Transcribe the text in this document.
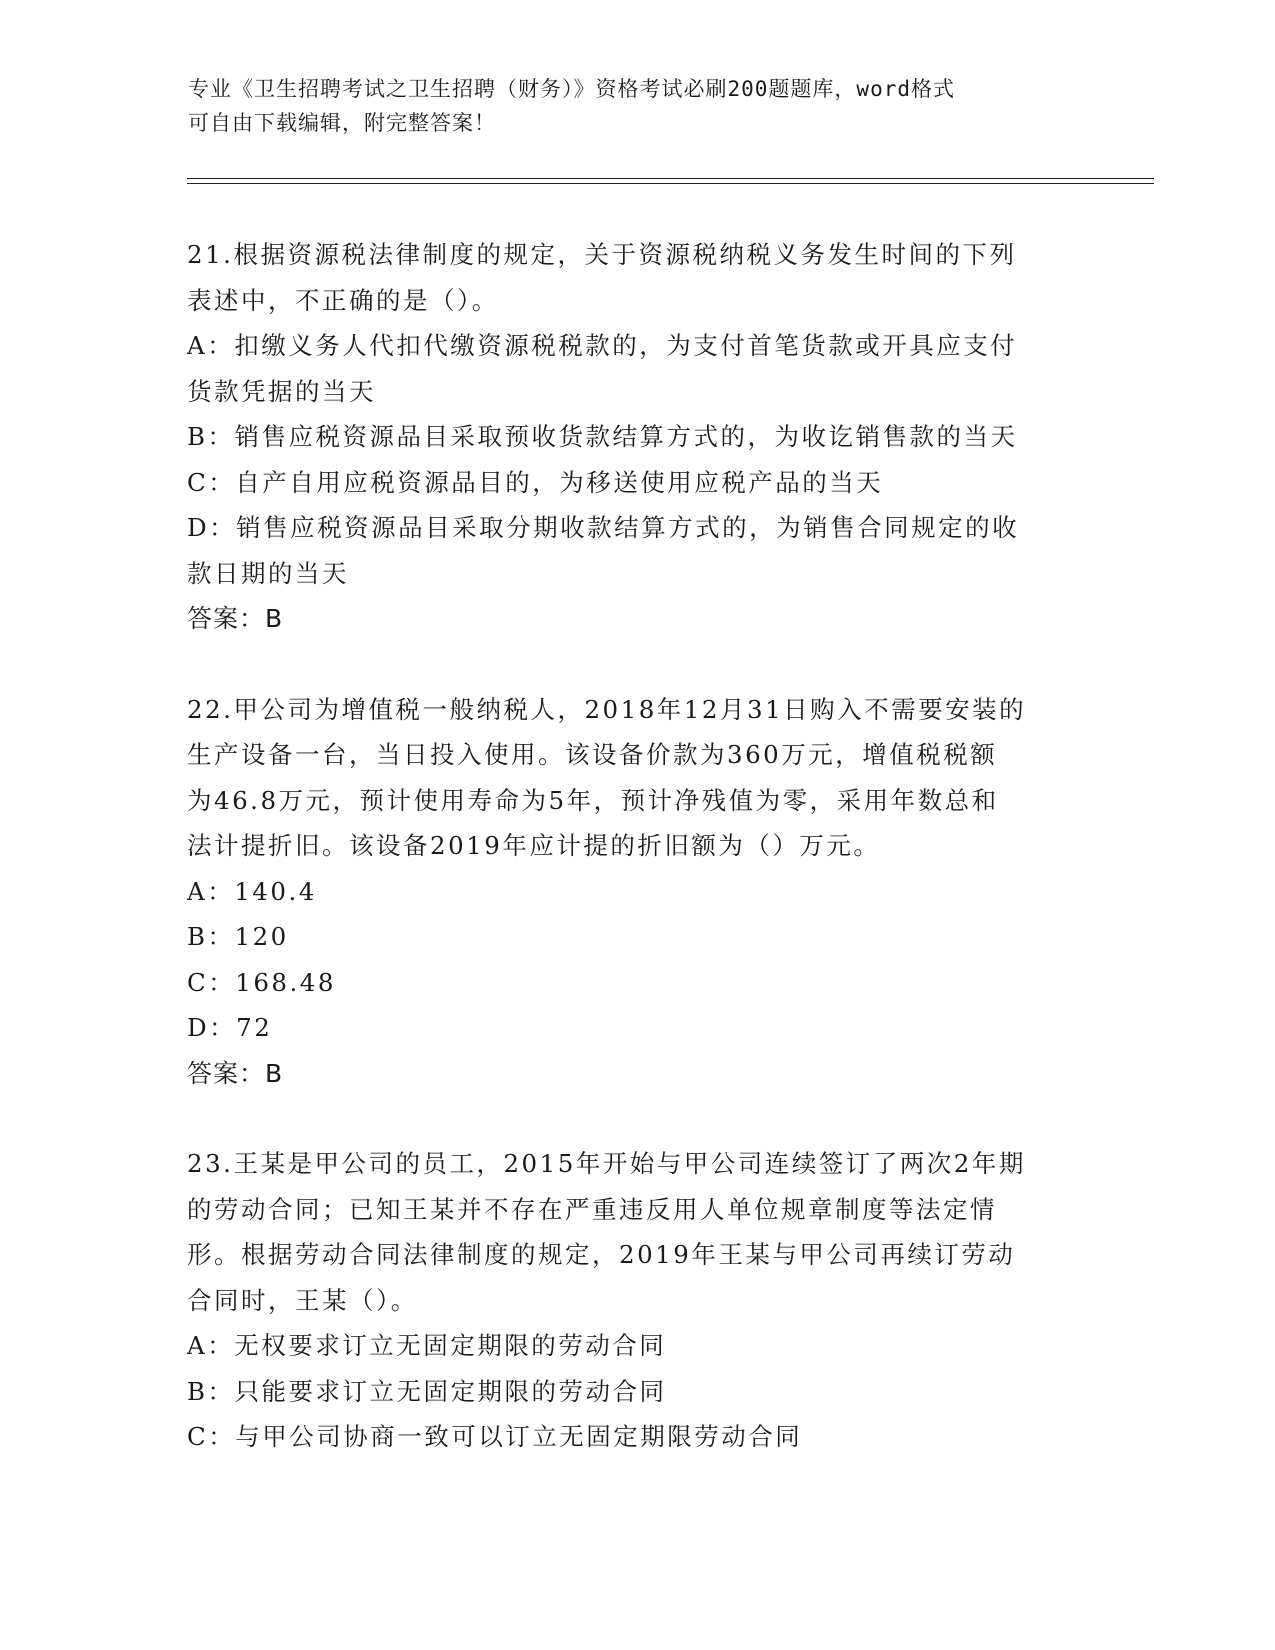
专业《卫生招聘考试之卫生招聘（财务）》资格考试必刷200题题库，word格式
可自由下载编辑，附完整答案！
21.根据资源税法律制度的规定，关于资源税纳税义务发生时间的下列
表述中，不正确的是（）。
A：扣缴义务人代扣代缴资源税税款的，为支付首笔货款或开具应支付
货款凭据的当天
B：销售应税资源品目采取预收货款结算方式的，为收讫销售款的当天
C：自产自用应税资源品目的，为移送使用应税产品的当天
D：销售应税资源品目采取分期收款结算方式的，为销售合同规定的收
款日期的当天
答案：B
22.甲公司为增值税一般纳税人，2018年12月31日购入不需要安装的
生产设备一台，当日投入使用。该设备价款为360万元，增值税税额
为46.8万元，预计使用寿命为5年，预计净残值为零，采用年数总和
法计提折旧。该设备2019年应计提的折旧额为（）万元。
A：140.4
B：120
C：168.48
D：72
答案：B
23.王某是甲公司的员工，2015年开始与甲公司连续签订了两次2年期
的劳动合同；已知王某并不存在严重违反用人单位规章制度等法定情
形。根据劳动合同法律制度的规定，2019年王某与甲公司再续订劳动
合同时，王某（）。
A：无权要求订立无固定期限的劳动合同
B：只能要求订立无固定期限的劳动合同
C：与甲公司协商一致可以订立无固定期限劳动合同
